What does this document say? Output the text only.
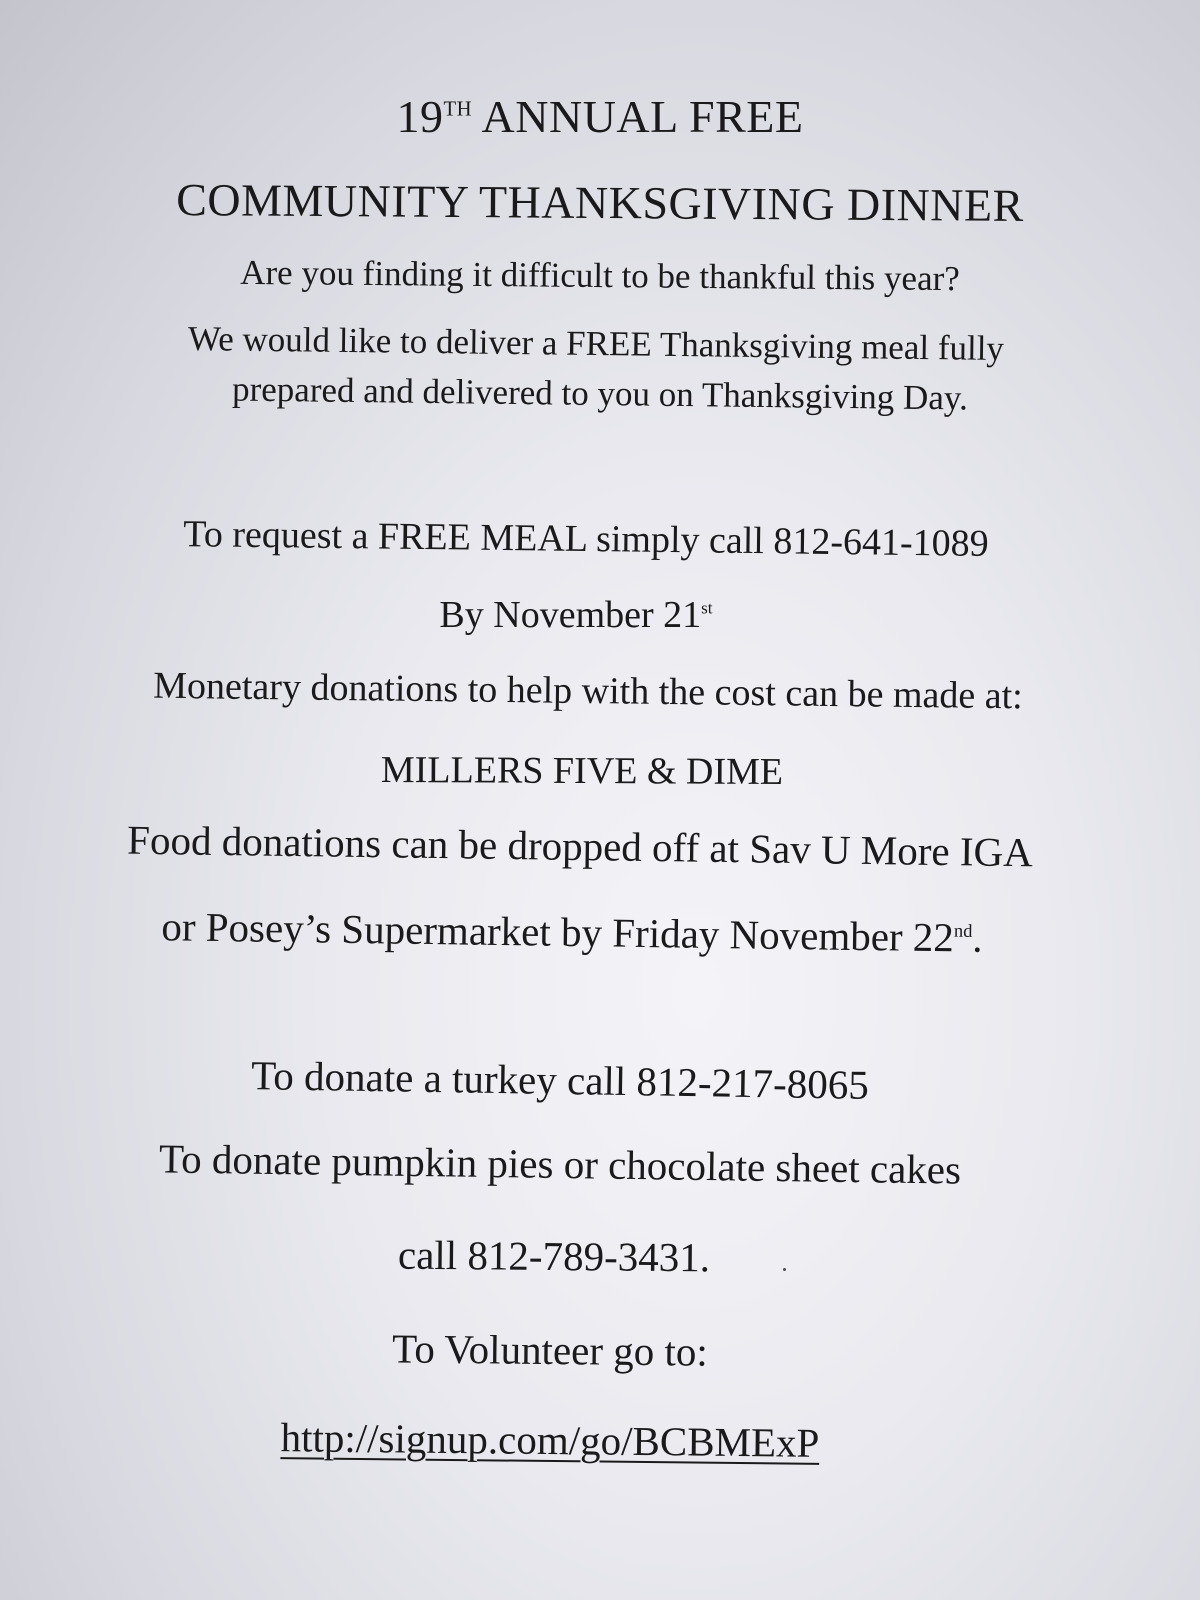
19TH ANNUAL FREE
COMMUNITY THANKSGIVING DINNER
Are you finding it difficult to be thankful this year?
We would like to deliver a FREE Thanksgiving meal fully
prepared and delivered to you on Thanksgiving Day.
To request a FREE MEAL simply call 812-641-1089
By November 21st
Monetary donations to help with the cost can be made at:
MILLERS FIVE & DIME
Food donations can be dropped off at Sav U More IGA
or Posey’s Supermarket by Friday November 22nd.
To donate a turkey call 812-217-8065
To donate pumpkin pies or chocolate sheet cakes
call 812-789-3431.
To Volunteer go to:
http://signup.com/go/BCBMExP
